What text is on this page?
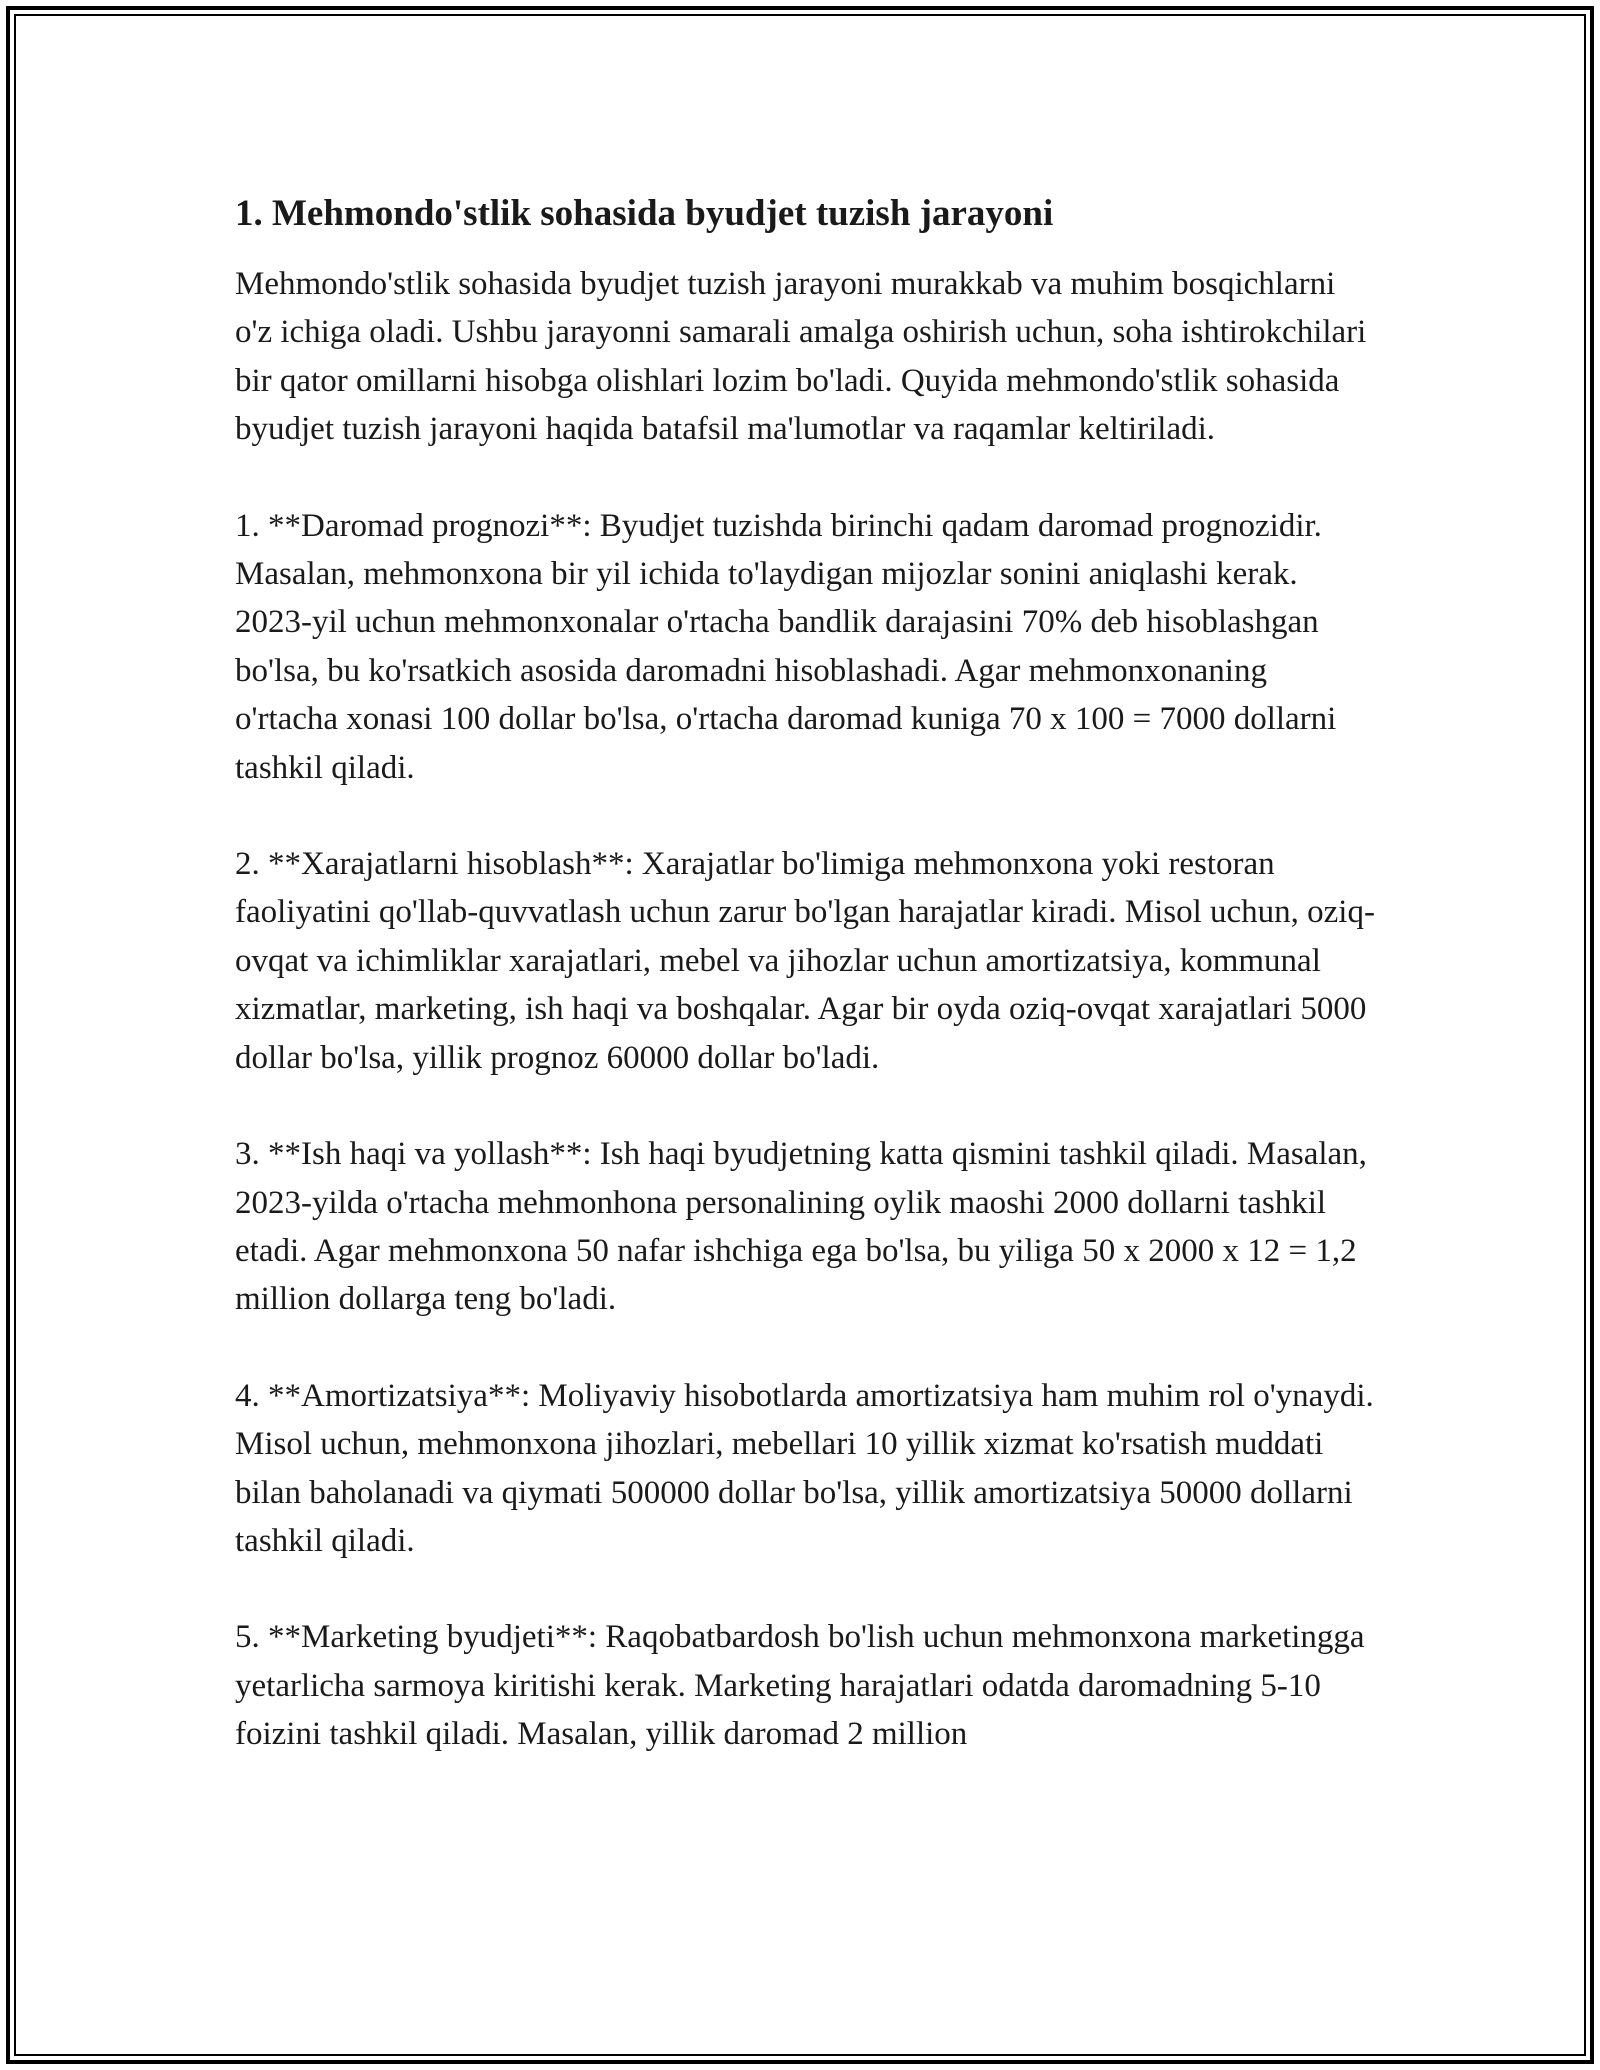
1. Mehmondo'stlik sohasida byudjet tuzish jarayoni

Mehmondo'stlik sohasida byudjet tuzish jarayoni murakkab va muhim bosqichlarni o'z ichiga oladi. Ushbu jarayonni samarali amalga oshirish uchun, soha ishtirokchilari bir qator omillarni hisobga olishlari lozim bo'ladi. Quyida mehmondo'stlik sohasida byudjet tuzish jarayoni haqida batafsil ma'lumotlar va raqamlar keltiriladi.

1. **Daromad prognozi**: Byudjet tuzishda birinchi qadam daromad prognozidir. Masalan, mehmonxona bir yil ichida to'laydigan mijozlar sonini aniqlashi kerak. 2023-yil uchun mehmonxonalar o'rtacha bandlik darajasini 70% deb hisoblashgan bo'lsa, bu ko'rsatkich asosida daromadni hisoblashadi. Agar mehmonxonaning o'rtacha xonasi 100 dollar bo'lsa, o'rtacha daromad kuniga 70 x 100 = 7000 dollarni tashkil qiladi.

2. **Xarajatlarni hisoblash**: Xarajatlar bo'limiga mehmonxona yoki restoran faoliyatini qo'llab-quvvatlash uchun zarur bo'lgan harajatlar kiradi. Misol uchun, oziq-ovqat va ichimliklar xarajatlari, mebel va jihozlar uchun amortizatsiya, kommunal xizmatlar, marketing, ish haqi va boshqalar. Agar bir oyda oziq-ovqat xarajatlari 5000 dollar bo'lsa, yillik prognoz 60000 dollar bo'ladi.

3. **Ish haqi va yollash**: Ish haqi byudjetning katta qismini tashkil qiladi. Masalan, 2023-yilda o'rtacha mehmonhona personalining oylik maoshi 2000 dollarni tashkil etadi. Agar mehmonxona 50 nafar ishchiga ega bo'lsa, bu yiliga 50 x 2000 x 12 = 1,2 million dollarga teng bo'ladi.

4. **Amortizatsiya**: Moliyaviy hisobotlarda amortizatsiya ham muhim rol o'ynaydi. Misol uchun, mehmonxona jihozlari, mebellari 10 yillik xizmat ko'rsatish muddati bilan baholanadi va qiymati 500000 dollar bo'lsa, yillik amortizatsiya 50000 dollarni tashkil qiladi.

5. **Marketing byudjeti**: Raqobatbardosh bo'lish uchun mehmonxona marketingga yetarlicha sarmoya kiritishi kerak. Marketing harajatlari odatda daromadning 5-10 foizini tashkil qiladi. Masalan, yillik daromad 2 million
